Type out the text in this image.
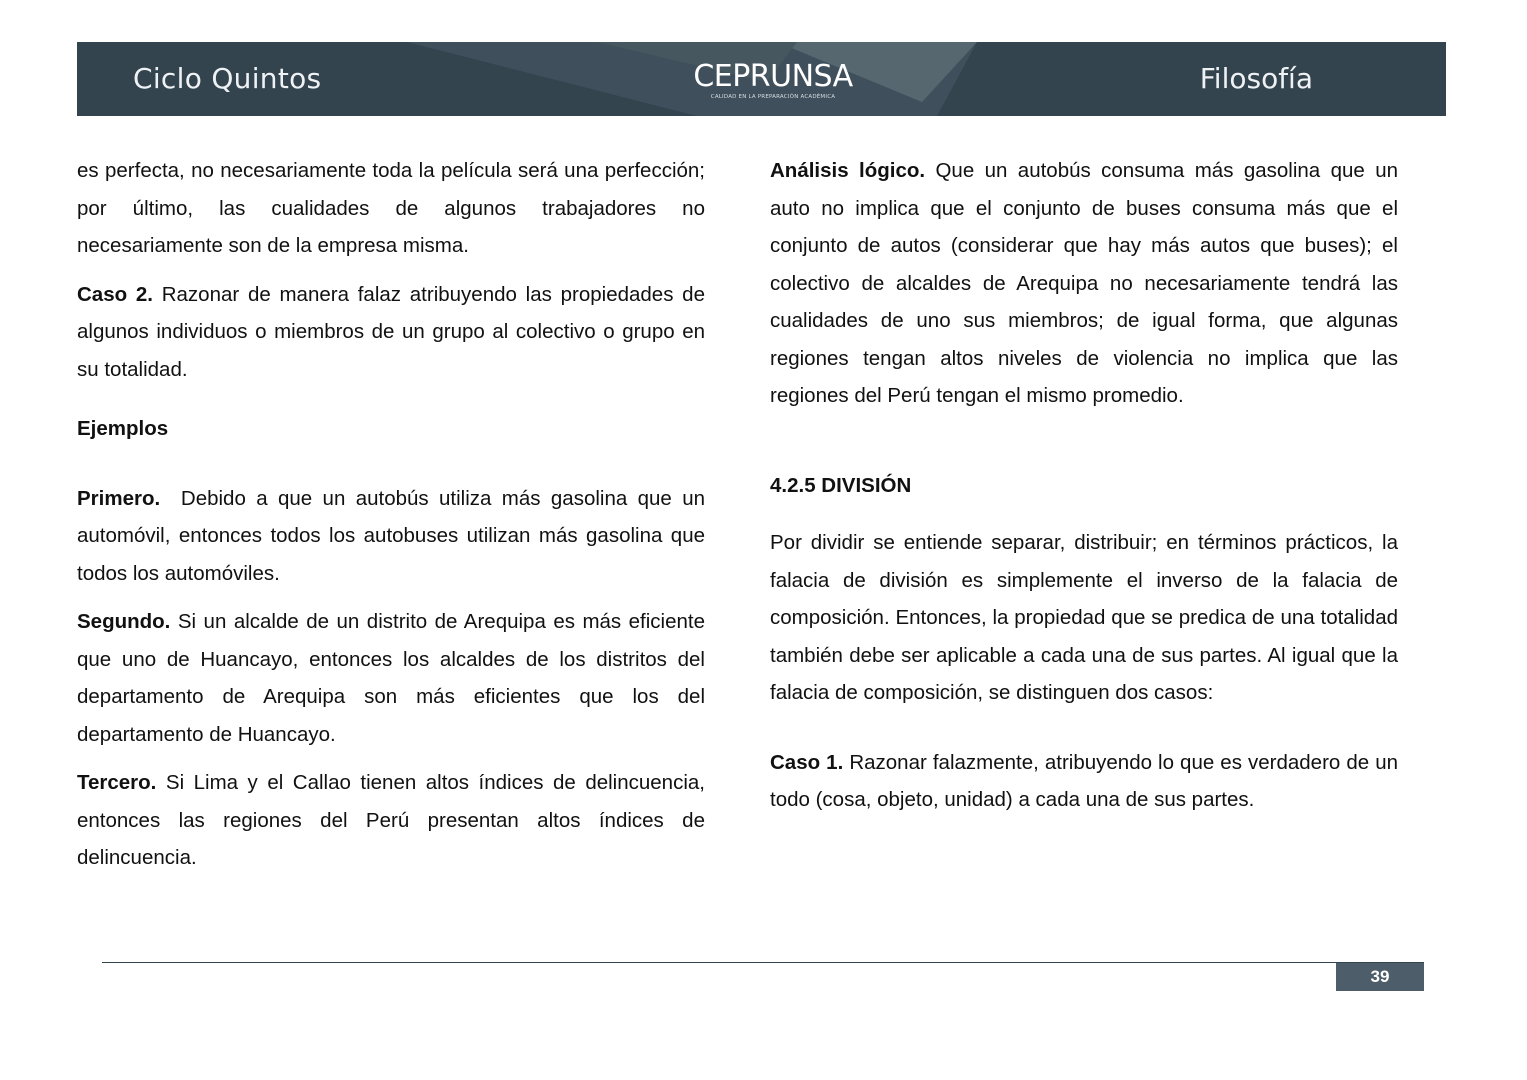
Ciclo Quintos	CEPRUNSA
CALIDAD EN LA PREPARACIÓN ACADÉMICA
Filosofía

es perfecta, no necesariamente toda la película será una perfección; por último, las cualidades de algunos trabajadores no necesariamente son de la empresa misma.

Caso 2. Razonar de manera falaz atribuyendo las propiedades de algunos individuos o miembros de un grupo al colectivo o grupo en su totalidad.

Ejemplos

Primero.  Debido a que un autobús utiliza más gasolina que un automóvil, entonces todos los autobuses utilizan más gasolina que todos los automóviles.

Segundo. Si un alcalde de un distrito de Arequipa es más eficiente que uno de Huancayo, entonces los alcaldes de los distritos del departamento de Arequipa son más eficientes que los del departamento de Huancayo.

Tercero. Si Lima y el Callao tienen altos índices de delincuencia, entonces las regiones del Perú presentan altos índices de delincuencia.

Análisis lógico. Que un autobús consuma más gasolina que un auto no implica que el conjunto de buses consuma más que el conjunto de autos (considerar que hay más autos que buses); el colectivo de alcaldes de Arequipa no necesariamente tendrá las cualidades de uno sus miembros; de igual forma, que algunas regiones tengan altos niveles de violencia no implica que las regiones del Perú tengan el mismo promedio.

4.2.5 DIVISIÓN

Por dividir se entiende separar, distribuir; en términos prácticos, la falacia de división es simplemente el inverso de la falacia de composición. Entonces, la propiedad que se predica de una totalidad también debe ser aplicable a cada una de sus partes. Al igual que la falacia de composición, se distinguen dos casos:

Caso 1. Razonar falazmente, atribuyendo lo que es verdadero de un todo (cosa, objeto, unidad) a cada una de sus partes.

39
